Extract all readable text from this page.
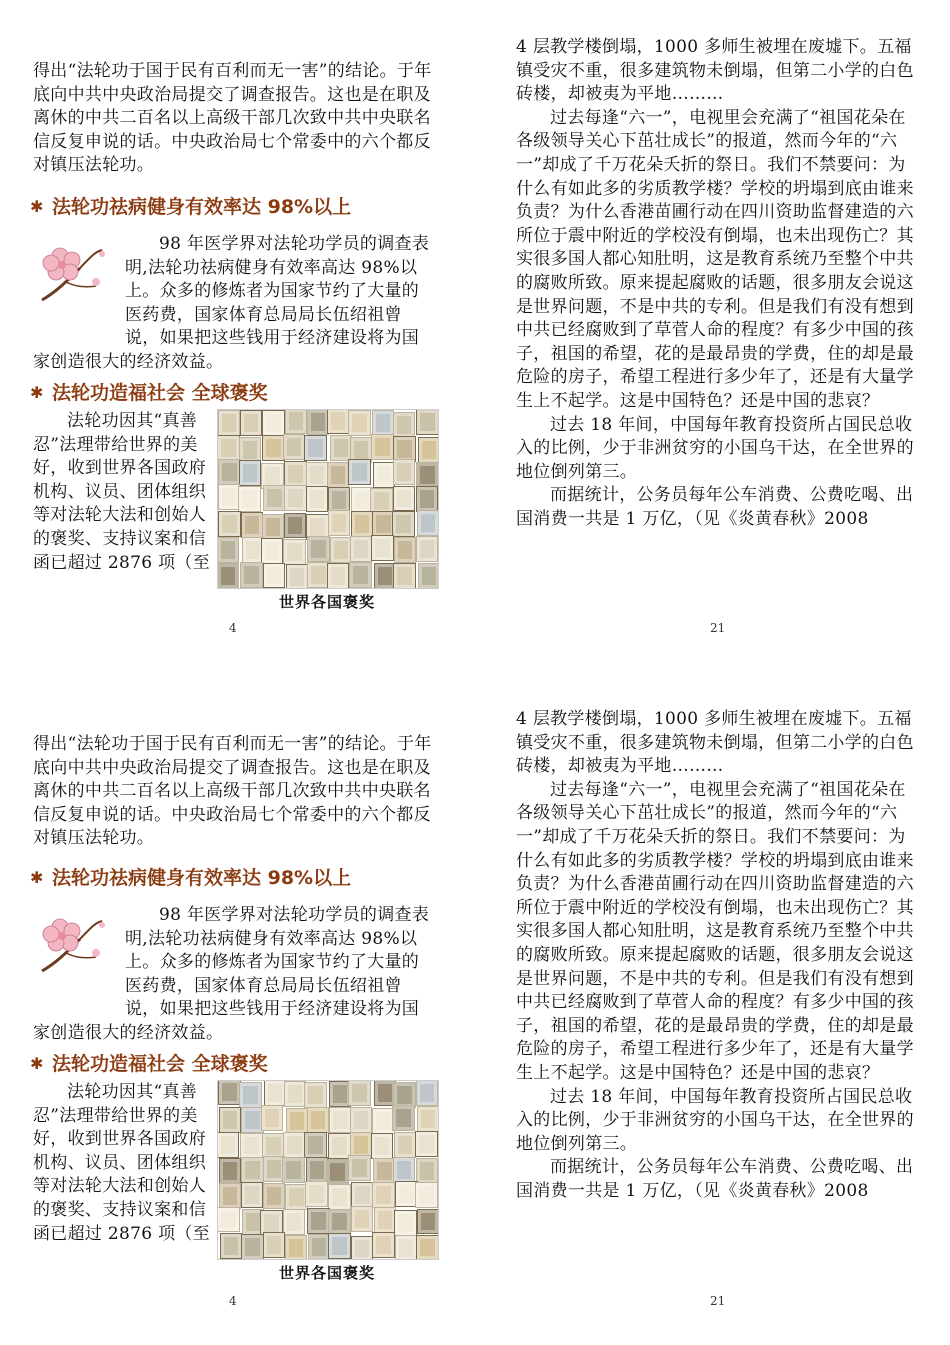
得出“法轮功于国于民有百利而无一害”的结论。于年底向中共中央政治局提交了调查报告。这也是在职及离休的中共二百名以上高级干部几次致中共中央联名信反复申说的话。中央政治局七个常委中的六个都反对镇压法轮功。

✱ 法轮功祛病健身有效率达 98%以上

98 年医学界对法轮功学员的调查表明,法轮功祛病健身有效率高达 98%以上。众多的修炼者为国家节约了大量的医药费，国家体育总局局长伍绍祖曾说，如果把这些钱用于经济建设将为国家创造很大的经济效益。

✱ 法轮功造福社会 全球褒奖

法轮功因其“真善忍”法理带给世界的美好，收到世界各国政府机构、议员、团体组织等对法轮大法和创始人的褒奖、支持议案和信函已超过 2876 项（至

世界各国褒奖
4

4 层教学楼倒塌，1000 多师生被埋在废墟下。五福镇受灾不重，很多建筑物未倒塌，但第二小学的白色砖楼，却被夷为平地………

过去每逢“六一”，电视里会充满了“祖国花朵在各级领导关心下茁壮成长”的报道，然而今年的“六一”却成了千万花朵夭折的祭日。我们不禁要问：为什么有如此多的劣质教学楼？学校的坍塌到底由谁来负责？为什么香港苗圃行动在四川资助监督建造的六所位于震中附近的学校没有倒塌，也未出现伤亡？其实很多国人都心知肚明，这是教育系统乃至整个中共的腐败所致。原来提起腐败的话题，很多朋友会说这是世界问题，不是中共的专利。但是我们有没有想到中共已经腐败到了草菅人命的程度？有多少中国的孩子，祖国的希望，花的是最昂贵的学费，住的却是最危险的房子，希望工程进行多少年了，还是有大量学生上不起学。这是中国特色？还是中国的悲哀？

过去 18 年间，中国每年教育投资所占国民总收入的比例，少于非洲贫穷的小国乌干达，在全世界的地位倒列第三。

而据统计，公务员每年公车消费、公费吃喝、出国消费一共是 1 万亿，（见《炎黄春秋》2008

21

得出“法轮功于国于民有百利而无一害”的结论。于年底向中共中央政治局提交了调查报告。这也是在职及离休的中共二百名以上高级干部几次致中共中央联名信反复申说的话。中央政治局七个常委中的六个都反对镇压法轮功。

✱ 法轮功祛病健身有效率达 98%以上

98 年医学界对法轮功学员的调查表明,法轮功祛病健身有效率高达 98%以上。众多的修炼者为国家节约了大量的医药费，国家体育总局局长伍绍祖曾说，如果把这些钱用于经济建设将为国家创造很大的经济效益。

✱ 法轮功造福社会 全球褒奖

法轮功因其“真善忍”法理带给世界的美好，收到世界各国政府机构、议员、团体组织等对法轮大法和创始人的褒奖、支持议案和信函已超过 2876 项（至

世界各国褒奖
4

4 层教学楼倒塌，1000 多师生被埋在废墟下。五福镇受灾不重，很多建筑物未倒塌，但第二小学的白色砖楼，却被夷为平地………

过去每逢“六一”，电视里会充满了“祖国花朵在各级领导关心下茁壮成长”的报道，然而今年的“六一”却成了千万花朵夭折的祭日。我们不禁要问：为什么有如此多的劣质教学楼？学校的坍塌到底由谁来负责？为什么香港苗圃行动在四川资助监督建造的六所位于震中附近的学校没有倒塌，也未出现伤亡？其实很多国人都心知肚明，这是教育系统乃至整个中共的腐败所致。原来提起腐败的话题，很多朋友会说这是世界问题，不是中共的专利。但是我们有没有想到中共已经腐败到了草菅人命的程度？有多少中国的孩子，祖国的希望，花的是最昂贵的学费，住的却是最危险的房子，希望工程进行多少年了，还是有大量学生上不起学。这是中国特色？还是中国的悲哀？

过去 18 年间，中国每年教育投资所占国民总收入的比例，少于非洲贫穷的小国乌干达，在全世界的地位倒列第三。

而据统计，公务员每年公车消费、公费吃喝、出国消费一共是 1 万亿，（见《炎黄春秋》2008

21
